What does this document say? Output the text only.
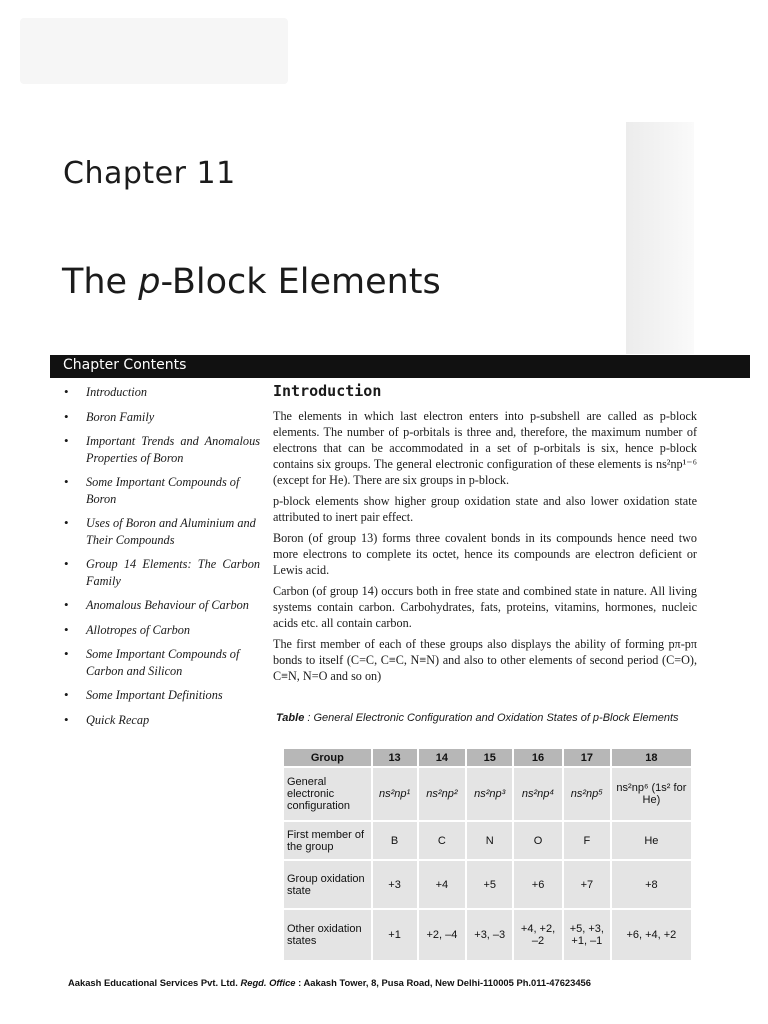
Chapter 11
The p-Block Elements
Chapter Contents
• Introduction
• Boron Family
• Important Trends and Anomalous Properties of Boron
• Some Important Compounds of Boron
• Uses of Boron and Aluminium and Their Compounds
• Group 14 Elements: The Carbon Family
• Anomalous Behaviour of Carbon
• Allotropes of Carbon
• Some Important Compounds of Carbon and Silicon
• Some Important Definitions
• Quick Recap
Introduction

The elements in which last electron enters into p-subshell are called as p-block elements. The number of p-orbitals is three and, therefore, the maximum number of electrons that can be accommodated in a set of p-orbitals is six, hence p-block contains six groups. The general electronic configuration of these elements is ns²np¹⁻⁶ (except for He). There are six groups in p-block.

p-block elements show higher group oxidation state and also lower oxidation state attributed to inert pair effect.

Boron (of group 13) forms three covalent bonds in its compounds hence need two more electrons to complete its octet, hence its compounds are electron deficient or Lewis acid.

Carbon (of group 14) occurs both in free state and combined state in nature. All living systems contain carbon. Carbohydrates, fats, proteins, vitamins, hormones, nucleic acids etc. all contain carbon.

The first member of each of these groups also displays the ability of forming pπ-pπ bonds to itself (C=C, C≡C, N≡N) and also to other elements of second period (C=O), C≡N, N=O and so on)

Table : General Electronic Configuration and Oxidation States of p-Block Elements
Group	13	14	15	16	17	18
General electronic configuration	ns²np¹	ns²np²	ns²np³	ns²np⁴	ns²np⁵	ns²np⁶ (1s² for He)
First member of the group	B	C	N	O	F	He
Group oxidation state	+3	+4	+5	+6	+7	+8
Other oxidation states	+1	+2, –4	+3, –3	+4, +2, –2	+5, +3, +1, –1	+6, +4, +2
Aakash Educational Services Pvt. Ltd. Regd. Office : Aakash Tower, 8, Pusa Road, New Delhi-110005 Ph.011-47623456
